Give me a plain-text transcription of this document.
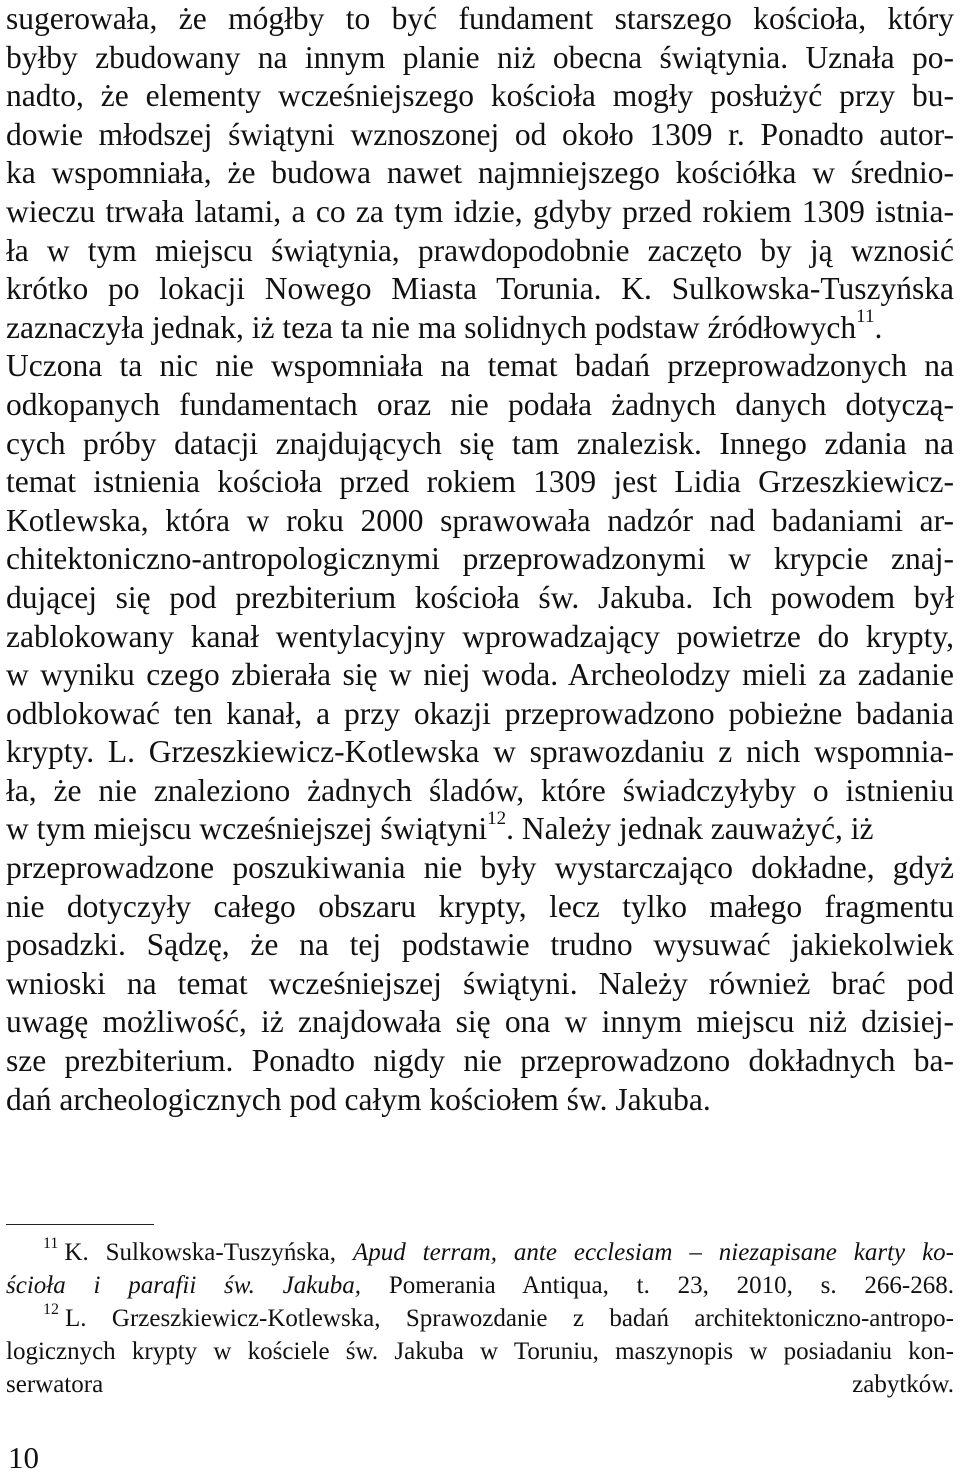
sugerowała, że mógłby to być fundament starszego kościoła, który
byłby zbudowany na innym planie niż obecna świątynia. Uznała po-
nadto, że elementy wcześniejszego kościoła mogły posłużyć przy bu-
dowie młodszej świątyni wznoszonej od około 1309 r. Ponadto autor-
ka wspomniała, że budowa nawet najmniejszego kościółka w średnio-
wieczu trwała latami, a co za tym idzie, gdyby przed rokiem 1309 istnia-
ła w tym miejscu świątynia, prawdopodobnie zaczęto by ją wznosić
krótko po lokacji Nowego Miasta Torunia. K. Sulkowska-Tuszyńska
zaznaczyła jednak, iż teza ta nie ma solidnych podstaw źródłowych$^{11}$.
Uczona ta nic nie wspomniała na temat badań przeprowadzonych na
odkopanych fundamentach oraz nie podała żadnych danych dotyczą-
cych próby datacji znajdujących się tam znalezisk. Innego zdania na
temat istnienia kościoła przed rokiem 1309 jest Lidia Grzeszkiewicz-
Kotlewska, która w roku 2000 sprawowała nadzór nad badaniami ar-
chitektoniczno-antropologicznymi przeprowadzonymi w krypcie znaj-
dującej się pod prezbiterium kościoła św. Jakuba. Ich powodem był
zablokowany kanał wentylacyjny wprowadzający powietrze do krypty,
w wyniku czego zbierała się w niej woda. Archeolodzy mieli za zadanie
odblokować ten kanał, a przy okazji przeprowadzono pobieżne badania
krypty. L. Grzeszkiewicz-Kotlewska w sprawozdaniu z nich wspomnia-
ła, że nie znaleziono żadnych śladów, które świadczyłyby o istnieniu
w tym miejscu wcześniejszej świątyni$^{12}$. Należy jednak zauważyć, iż
przeprowadzone poszukiwania nie były wystarczająco dokładne, gdyż
nie dotyczyły całego obszaru krypty, lecz tylko małego fragmentu
posadzki. Sądzę, że na tej podstawie trudno wysuwać jakiekolwiek
wnioski na temat wcześniejszej świątyni. Należy również brać pod
uwagę możliwość, iż znajdowała się ona w innym miejscu niż dzisiej-
sze prezbiterium. Ponadto nigdy nie przeprowadzono dokładnych ba-
dań archeologicznych pod całym kościołem św. Jakuba.
$^{11}$ K. Sulkowska-Tuszyńska, Apud terram, ante ecclesiam – niezapisane karty ko-
ścioła i parafii św. Jakuba, Pomerania Antiqua, t. 23, 2010, s. 266-268.
$^{12}$ L. Grzeszkiewicz-Kotlewska, Sprawozdanie z badań architektoniczno-antropo-
logicznych krypty w kościele św. Jakuba w Toruniu, maszynopis w posiadaniu kon-
serwatora zabytków.
10
